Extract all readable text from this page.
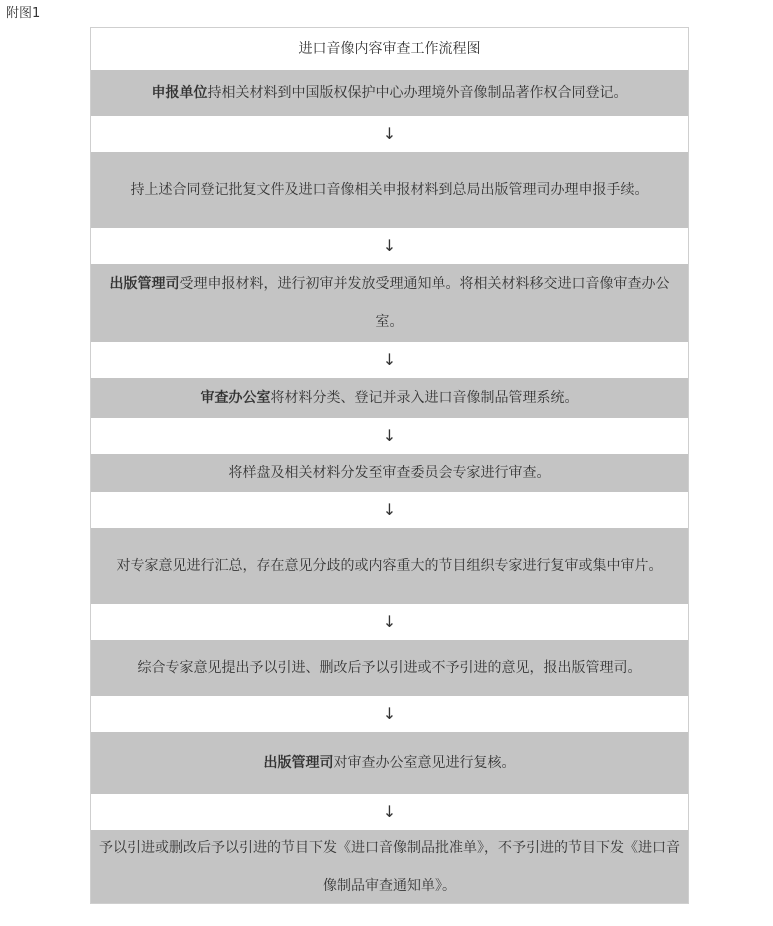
附图1
进口音像内容审查工作流程图
申报单位持相关材料到中国版权保护中心办理境外音像制品著作权合同登记。
↓
持上述合同登记批复文件及进口音像相关申报材料到总局出版管理司办理申报手续。
↓
出版管理司受理申报材料，进行初审并发放受理通知单。将相关材料移交进口音像审查办公室。
↓
审查办公室将材料分类、登记并录入进口音像制品管理系统。
↓
将样盘及相关材料分发至审查委员会专家进行审查。
↓
对专家意见进行汇总，存在意见分歧的或内容重大的节目组织专家进行复审或集中审片。
↓
综合专家意见提出予以引进、删改后予以引进或不予引进的意见，报出版管理司。
↓
出版管理司对审查办公室意见进行复核。
↓
予以引进或删改后予以引进的节目下发《进口音像制品批准单》，不予引进的节目下发《进口音像制品审查通知单》。
